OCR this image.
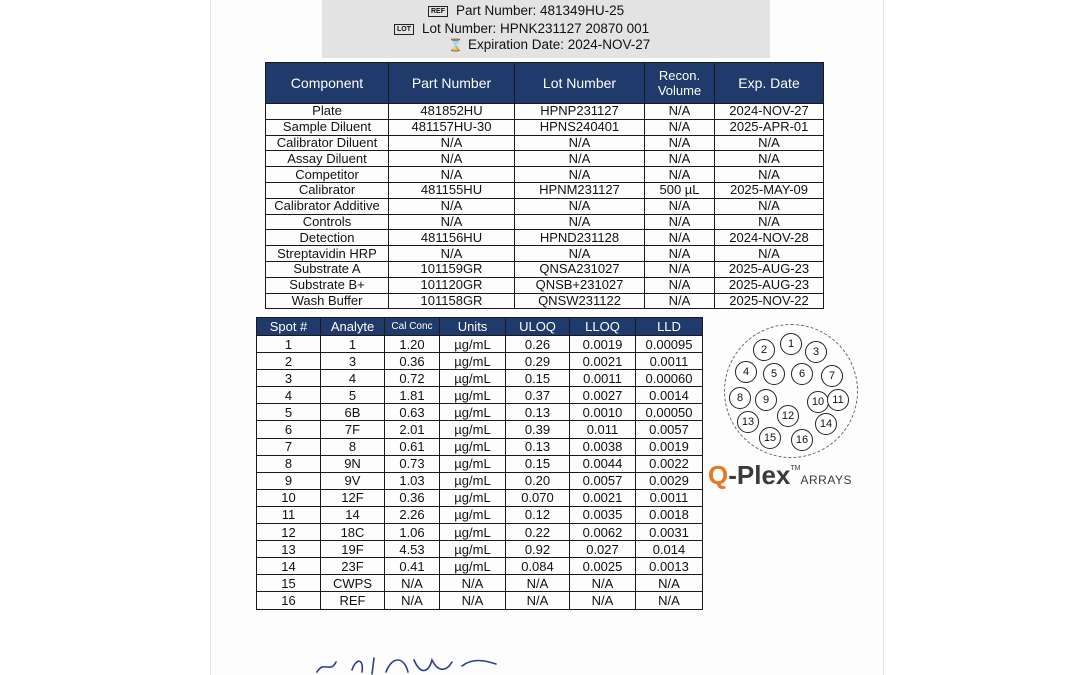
REF Part Number: 481349HU-25
LOT Lot Number: HPNK231127 20870 001
⌛ Expiration Date: 2024-NOV-27
Component	Part Number	Lot Number	Recon. Volume	Exp. Date
Plate	481852HU	HPNP231127	N/A	2024-NOV-27
Sample Diluent	481157HU-30	HPNS240401	N/A	2025-APR-01
Calibrator Diluent	N/A	N/A	N/A	N/A
Assay Diluent	N/A	N/A	N/A	N/A
Competitor	N/A	N/A	N/A	N/A
Calibrator	481155HU	HPNM231127	500 µL	2025-MAY-09
Calibrator Additive	N/A	N/A	N/A	N/A
Controls	N/A	N/A	N/A	N/A
Detection	481156HU	HPND231128	N/A	2024-NOV-28
Streptavidin HRP	N/A	N/A	N/A	N/A
Substrate A	101159GR	QNSA231027	N/A	2025-AUG-23
Substrate B+	101120GR	QNSB+231027	N/A	2025-AUG-23
Wash Buffer	101158GR	QNSW231122	N/A	2025-NOV-22
Spot #	Analyte	Cal Conc	Units	ULOQ	LLOQ	LLD
1	1	1.20	µg/mL	0.26	0.0019	0.00095
2	3	0.36	µg/mL	0.29	0.0021	0.0011
3	4	0.72	µg/mL	0.15	0.0011	0.00060
4	5	1.81	µg/mL	0.37	0.0027	0.0014
5	6B	0.63	µg/mL	0.13	0.0010	0.00050
6	7F	2.01	µg/mL	0.39	0.011	0.0057
7	8	0.61	µg/mL	0.13	0.0038	0.0019
8	9N	0.73	µg/mL	0.15	0.0044	0.0022
9	9V	1.03	µg/mL	0.20	0.0057	0.0029
10	12F	0.36	µg/mL	0.070	0.0021	0.0011
11	14	2.26	µg/mL	0.12	0.0035	0.0018
12	18C	1.06	µg/mL	0.22	0.0062	0.0031
13	19F	4.53	µg/mL	0.92	0.027	0.014
14	23F	0.41	µg/mL	0.084	0.0025	0.0013
15	CWPS	N/A	N/A	N/A	N/A	N/A
16	REF	N/A	N/A	N/A	N/A	N/A
1
2	3
4	5	6	7
8	9	10 11
12
13	14
15	16
Q-Plex™ARRAYS
